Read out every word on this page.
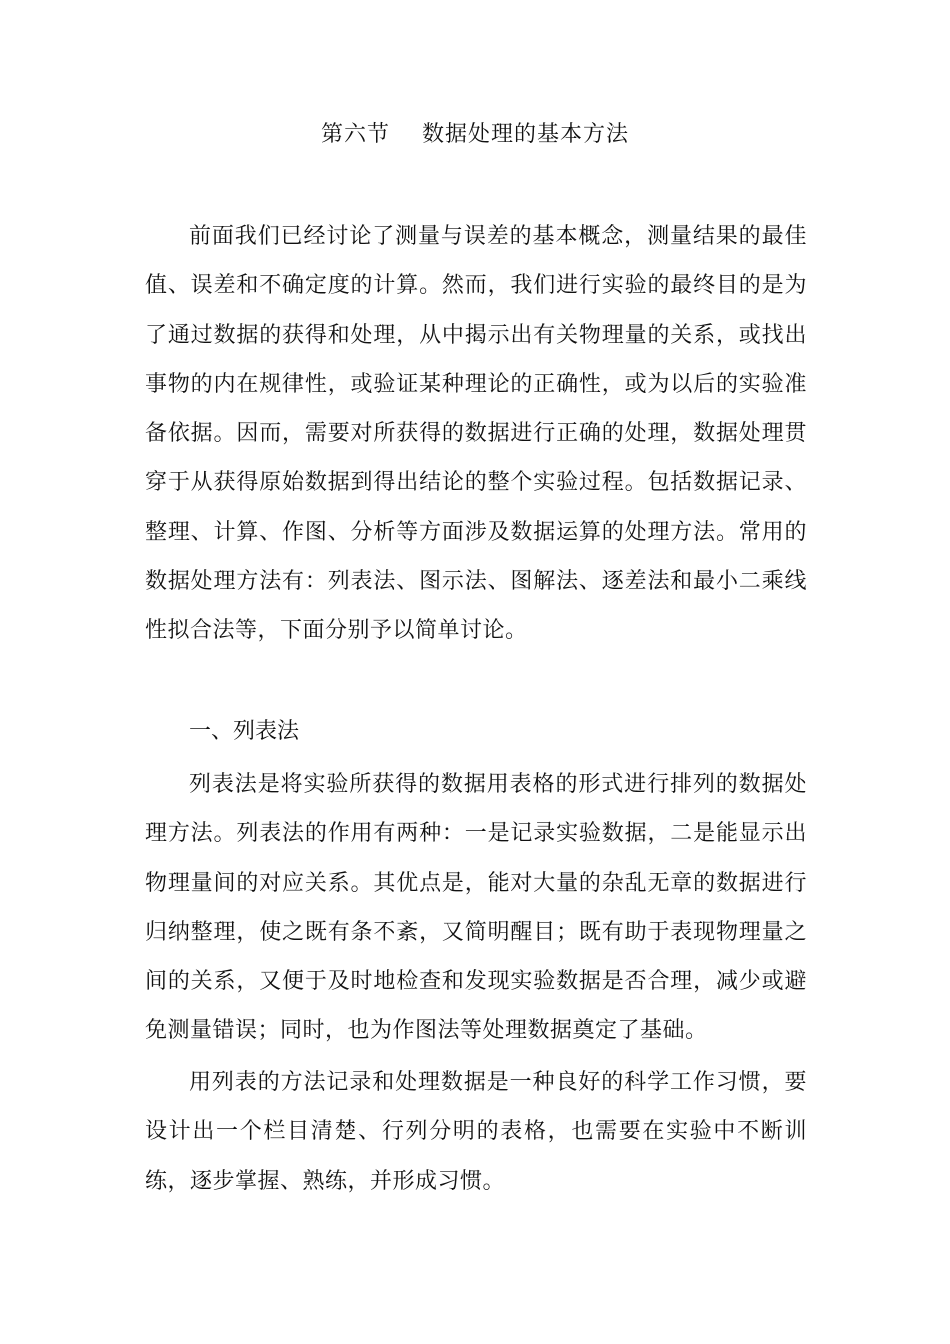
第六节    数据处理的基本方法

前面我们已经讨论了测量与误差的基本概念，测量结果的最佳值、误差和不确定度的计算。然而，我们进行实验的最终目的是为了通过数据的获得和处理，从中揭示出有关物理量的关系，或找出事物的内在规律性，或验证某种理论的正确性，或为以后的实验准备依据。因而，需要对所获得的数据进行正确的处理，数据处理贯穿于从获得原始数据到得出结论的整个实验过程。包括数据记录、整理、计算、作图、分析等方面涉及数据运算的处理方法。常用的数据处理方法有：列表法、图示法、图解法、逐差法和最小二乘线性拟合法等，下面分别予以简单讨论。

一、列表法

列表法是将实验所获得的数据用表格的形式进行排列的数据处理方法。列表法的作用有两种：一是记录实验数据，二是能显示出物理量间的对应关系。其优点是，能对大量的杂乱无章的数据进行归纳整理，使之既有条不紊，又简明醒目；既有助于表现物理量之间的关系，又便于及时地检查和发现实验数据是否合理，减少或避免测量错误；同时，也为作图法等处理数据奠定了基础。

用列表的方法记录和处理数据是一种良好的科学工作习惯，要设计出一个栏目清楚、行列分明的表格，也需要在实验中不断训练，逐步掌握、熟练，并形成习惯。
